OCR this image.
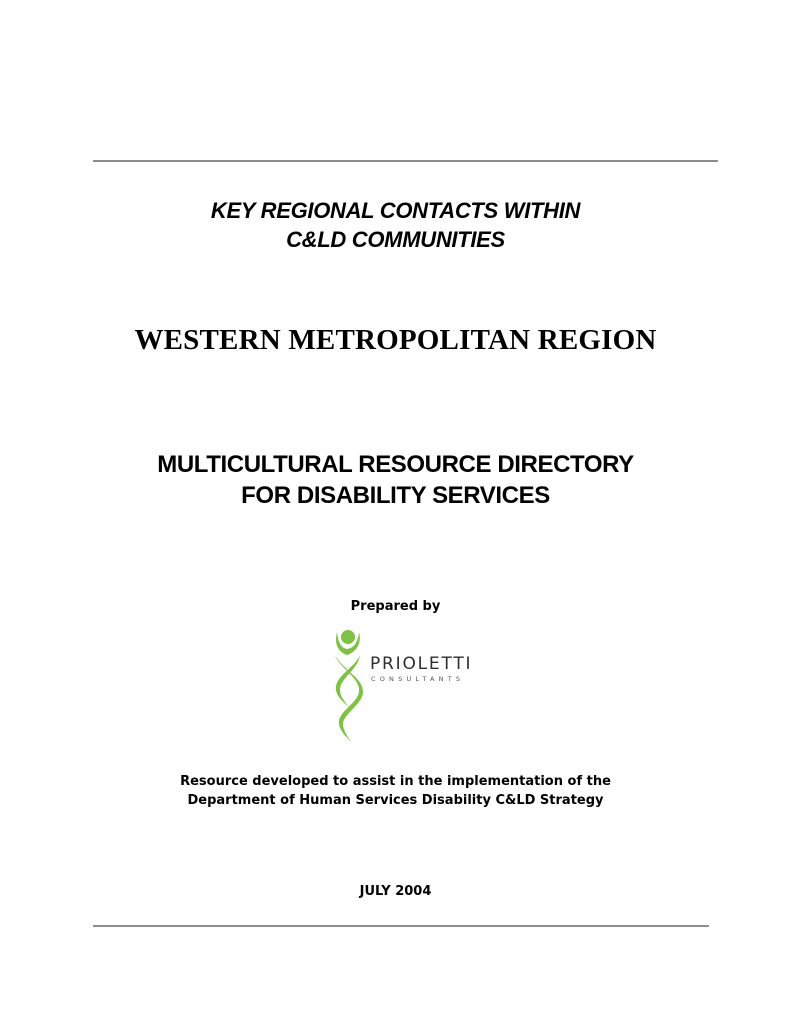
KEY REGIONAL CONTACTS WITHIN
C&LD COMMUNITIES
WESTERN METROPOLITAN REGION
MULTICULTURAL RESOURCE DIRECTORY
FOR DISABILITY SERVICES
Prepared by
PRIOLETTI
CONSULTANTS
Resource developed to assist in the implementation of the
Department of Human Services Disability C&LD Strategy
JULY 2004
